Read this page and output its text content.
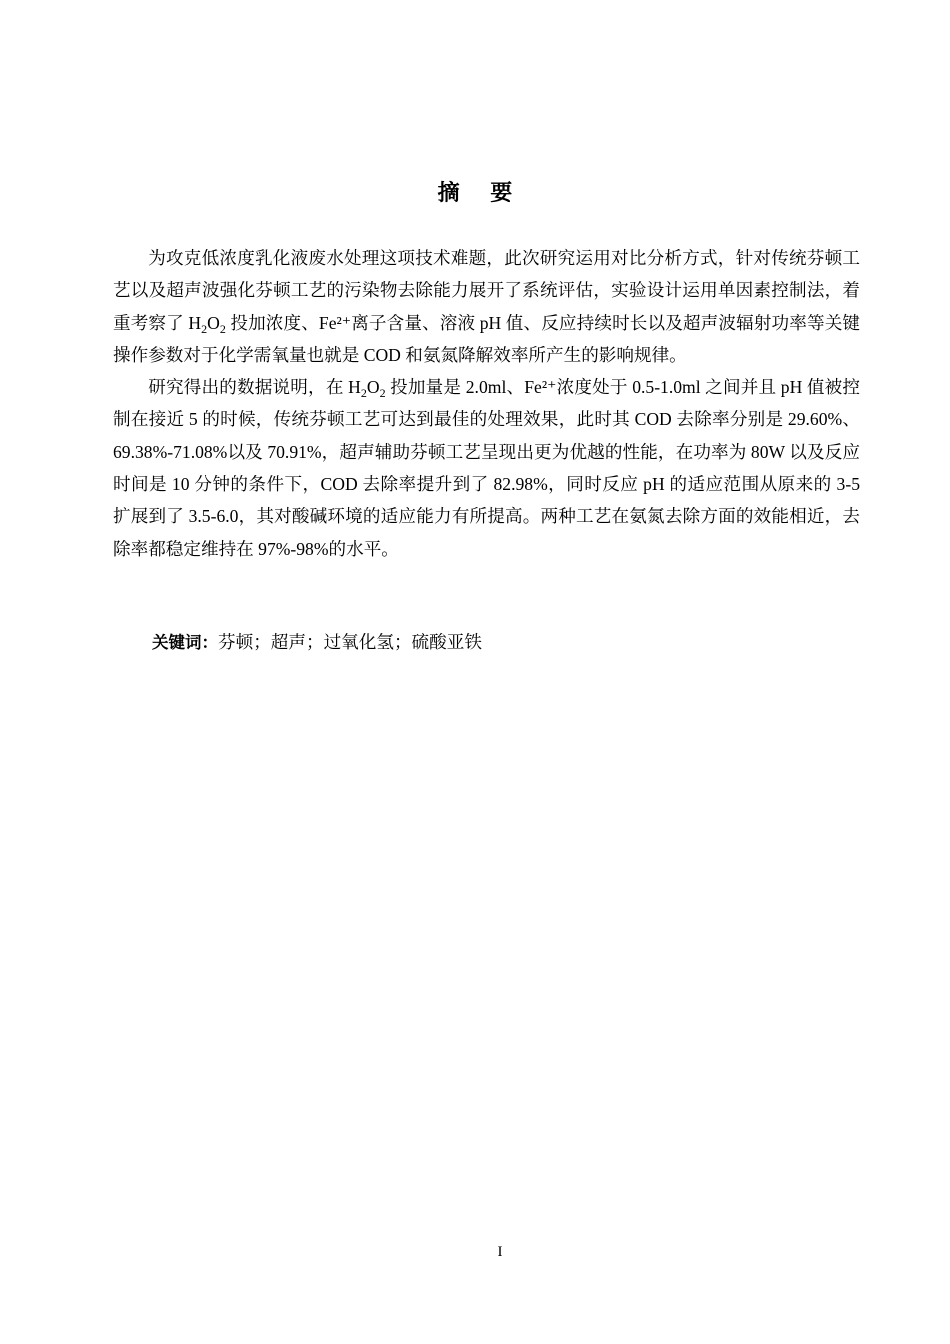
摘    要

为攻克低浓度乳化液废水处理这项技术难题，此次研究运用对比分析方式，针对传统芬顿工艺以及超声波强化芬顿工艺的污染物去除能力展开了系统评估，实验设计运用单因素控制法，着重考察了 $H_2O_2$ 投加浓度、Fe²⁺离子含量、溶液 pH 值、反应持续时长以及超声波辐射功率等关键操作参数对于化学需氧量也就是 COD 和氨氮降解效率所产生的影响规律。

研究得出的数据说明，在 $H_2O_2$ 投加量是 2.0ml、Fe²⁺浓度处于 0.5-1.0ml 之间并且 pH 值被控制在接近 5 的时候，传统芬顿工艺可达到最佳的处理效果，此时其 COD 去除率分别是 29.60%、69.38%-71.08%以及 70.91%，超声辅助芬顿工艺呈现出更为优越的性能，在功率为 80W 以及反应时间是 10 分钟的条件下，COD 去除率提升到了 82.98%，同时反应 pH 的适应范围从原来的 3-5 扩展到了 3.5-6.0，其对酸碱环境的适应能力有所提高。两种工艺在氨氮去除方面的效能相近，去除率都稳定维持在 97%-98%的水平。

关键词：芬顿；超声；过氧化氢；硫酸亚铁
I
